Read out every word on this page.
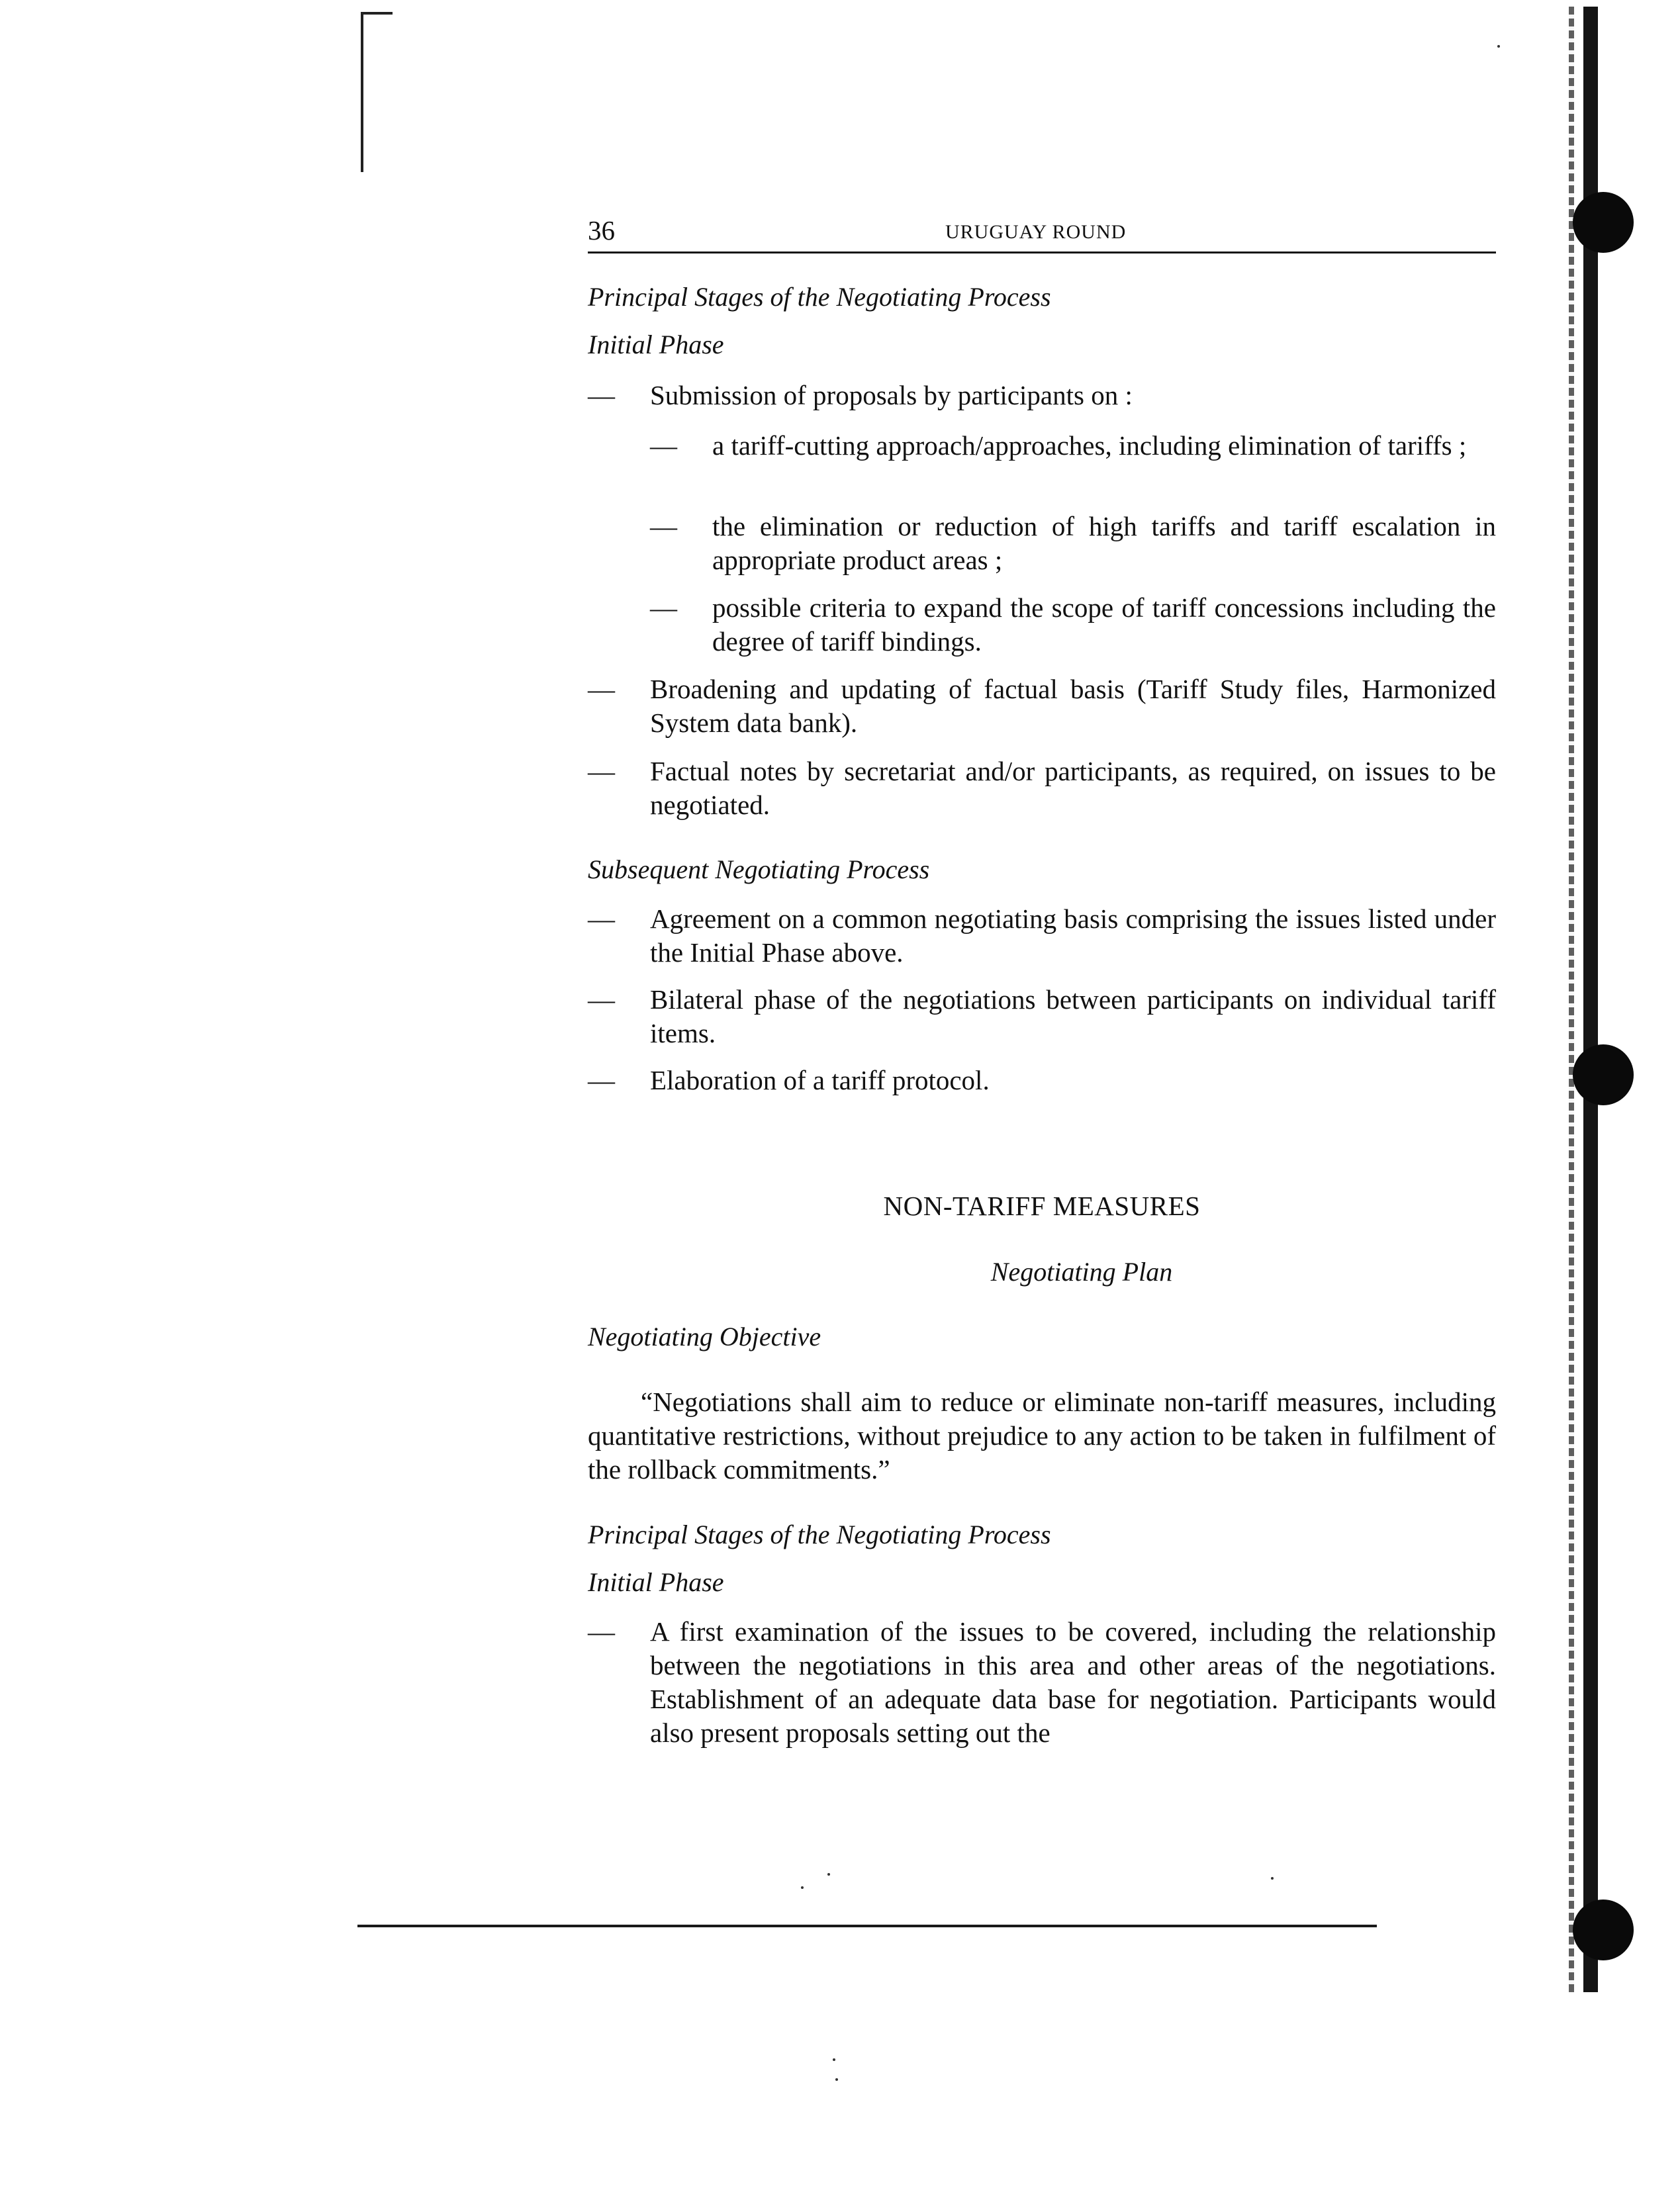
36	URUGUAY ROUND
Principal Stages of the Negotiating Process
Initial Phase
— Submission of proposals by participants on :
— a tariff-cutting approach/approaches, including elimination of tariffs ;
— the elimination or reduction of high tariffs and tariff escalation in appropriate product areas ;
— possible criteria to expand the scope of tariff concessions including the degree of tariff bindings.
— Broadening and updating of factual basis (Tariff Study files, Harmonized System data bank).
— Factual notes by secretariat and/or participants, as required, on issues to be negotiated.
Subsequent Negotiating Process
— Agreement on a common negotiating basis comprising the issues listed under the Initial Phase above.
— Bilateral phase of the negotiations between participants on individual tariff items.
— Elaboration of a tariff protocol.
NON-TARIFF MEASURES
Negotiating Plan
Negotiating Objective
“Negotiations shall aim to reduce or eliminate non-tariff measures, including quantitative restrictions, without prejudice to any action to be taken in fulfilment of the rollback commitments.”
Principal Stages of the Negotiating Process
Initial Phase
— A first examination of the issues to be covered, including the relationship between the negotiations in this area and other areas of the negotiations. Establishment of an adequate data base for negotiation. Participants would also present proposals setting out the
